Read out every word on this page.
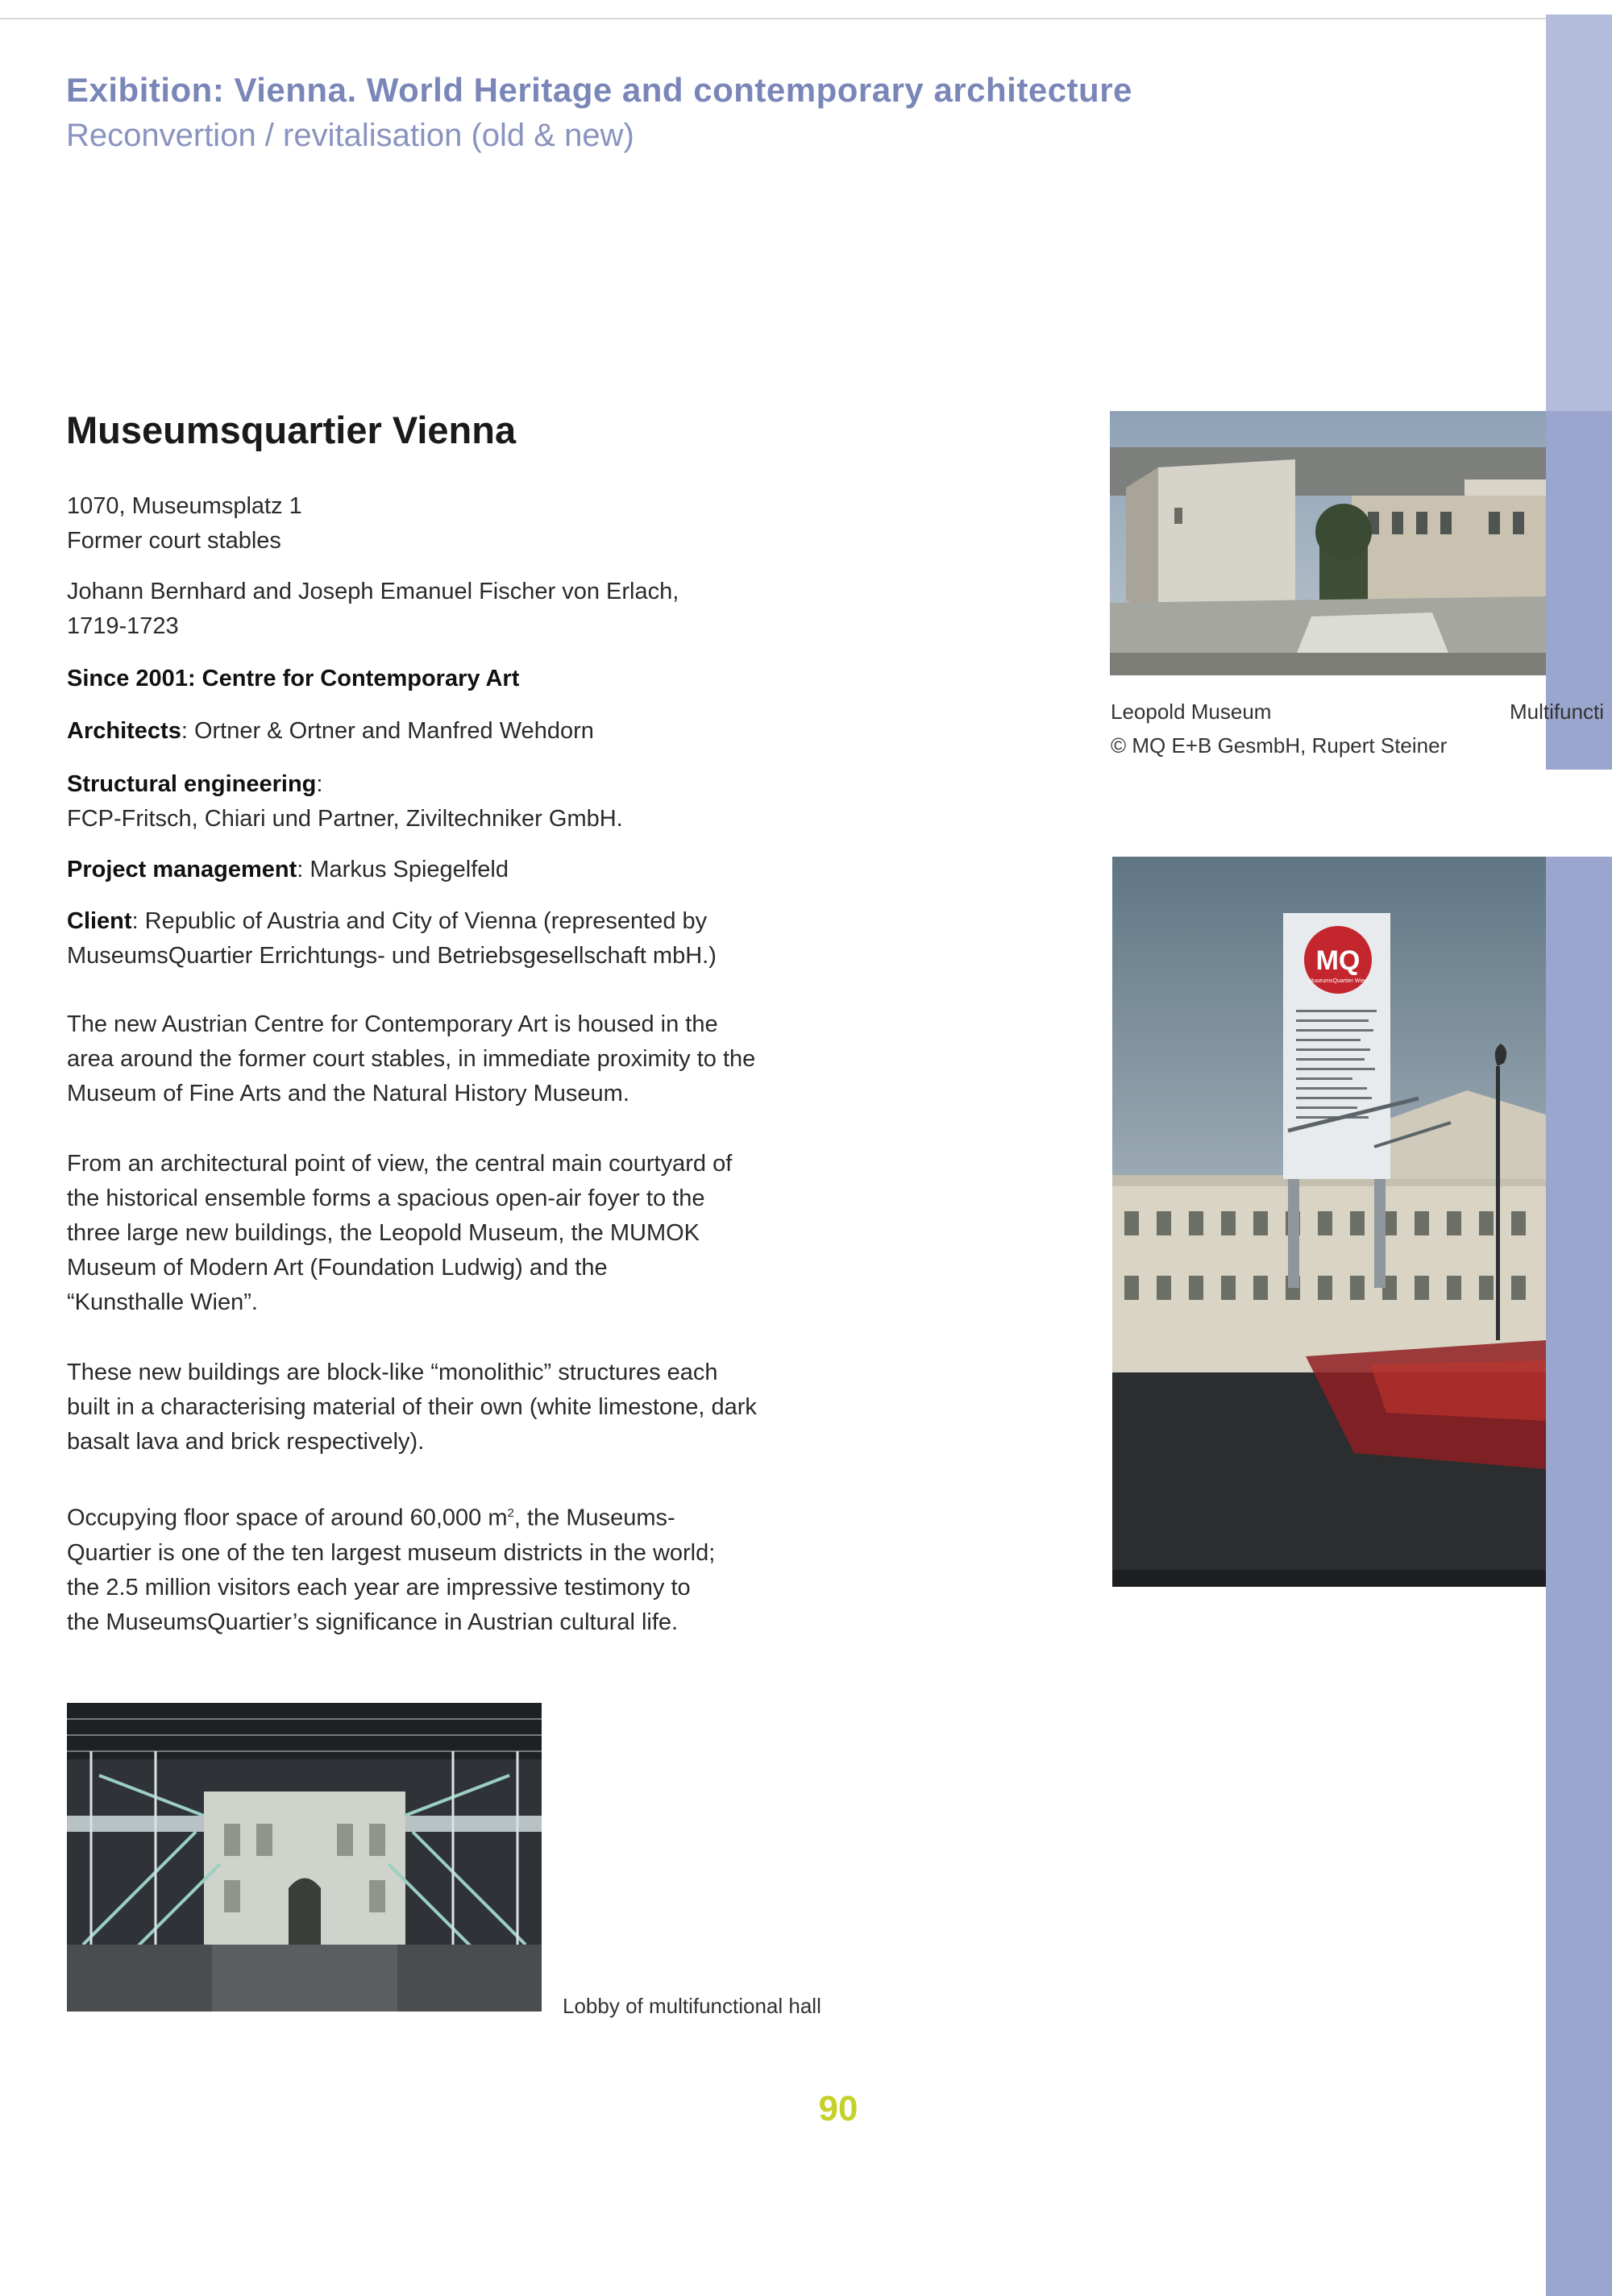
Exibition: Vienna. World Heritage and contemporary architecture
Reconvertion / revitalisation (old & new)
Museumsquartier Vienna

1070, Museumsplatz 1

Former court stables

Johann Bernhard and Joseph Emanuel Fischer von Erlach,

1719-1723

Since 2001: Centre for Contemporary Art
Architects: Ortner & Ortner and Manfred Wehdorn

Structural engineering:

FCP-Fritsch, Chiari und Partner, Ziviltechniker GmbH.

Project management: Markus Spiegelfeld

Client: Republic of Austria and City of Vienna (represented by

MuseumsQuartier Errichtungs- und Betriebsgesellschaft mbH.)

The new Austrian Centre for Contemporary Art is housed in the

area around the former court stables, in immediate proximity to the

Museum of Fine Arts and the Natural History Museum.

From an architectural point of view, the central main courtyard of

the historical ensemble forms a spacious open-air foyer to the

three large new buildings, the Leopold Museum, the MUMOK

Museum of Modern Art (Foundation Ludwig) and the

“Kunsthalle Wien”.

These new buildings are block-like “monolithic” structures each

built in a characterising material of their own (white limestone, dark

basalt lava and brick respectively).

Occupying floor space of around 60,000 $m^2$, the Museums-

Quartier is one of the ten largest museum districts in the world;

the 2.5 million visitors each year are impressive testimony to

the MuseumsQuartier’s significance in Austrian cultural life.

Leopold Museum
© MQ E+B GesmbH, Rupert Steiner
Multifuncti
MQ
MuseumsQuartier Wien
Lobby of multifunctional hall
90
